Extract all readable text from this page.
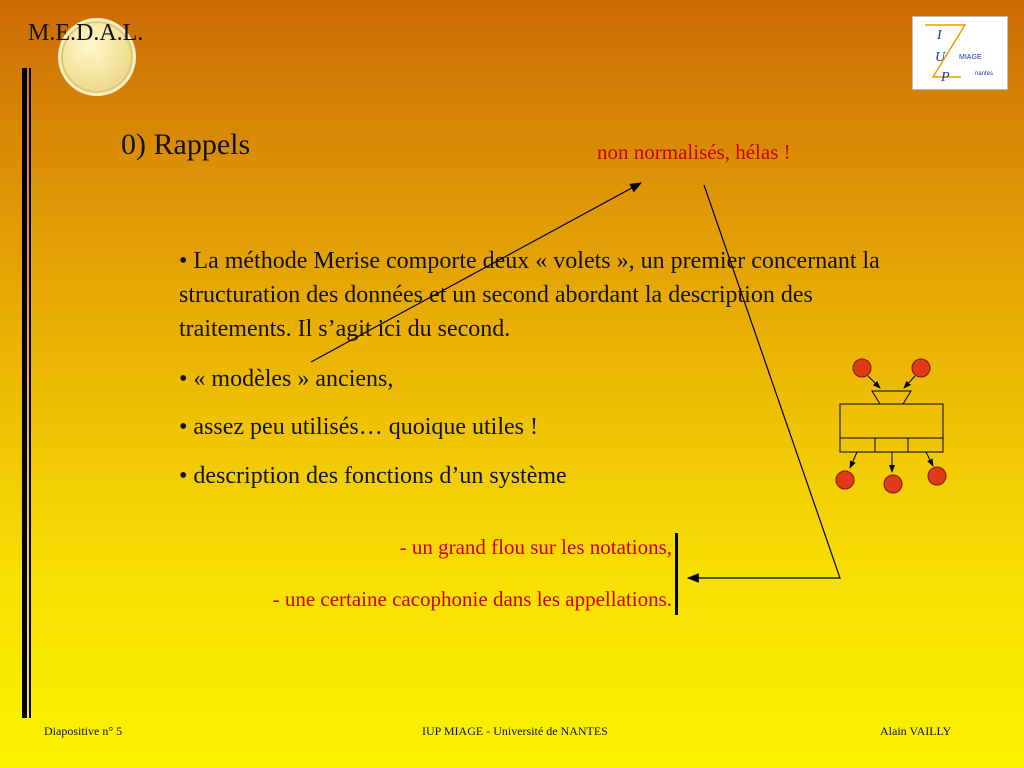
M.E.D.A.L.	I
U
P
MIAGE
nantes
0) Rappels	non normalisés, hélas !
• La méthode Merise comporte deux « volets », un premier concernant la structuration des données et un second abordant la description des traitements. Il s’agit ici du second.
• « modèles » anciens,
• assez peu utilisés… quoique utiles !
• description des fonctions d’un système
- un grand flou sur les notations,
- une certaine cacophonie dans les appellations.
Diapositive n° 5	IUP MIAGE - Université de NANTES	Alain VAILLY
